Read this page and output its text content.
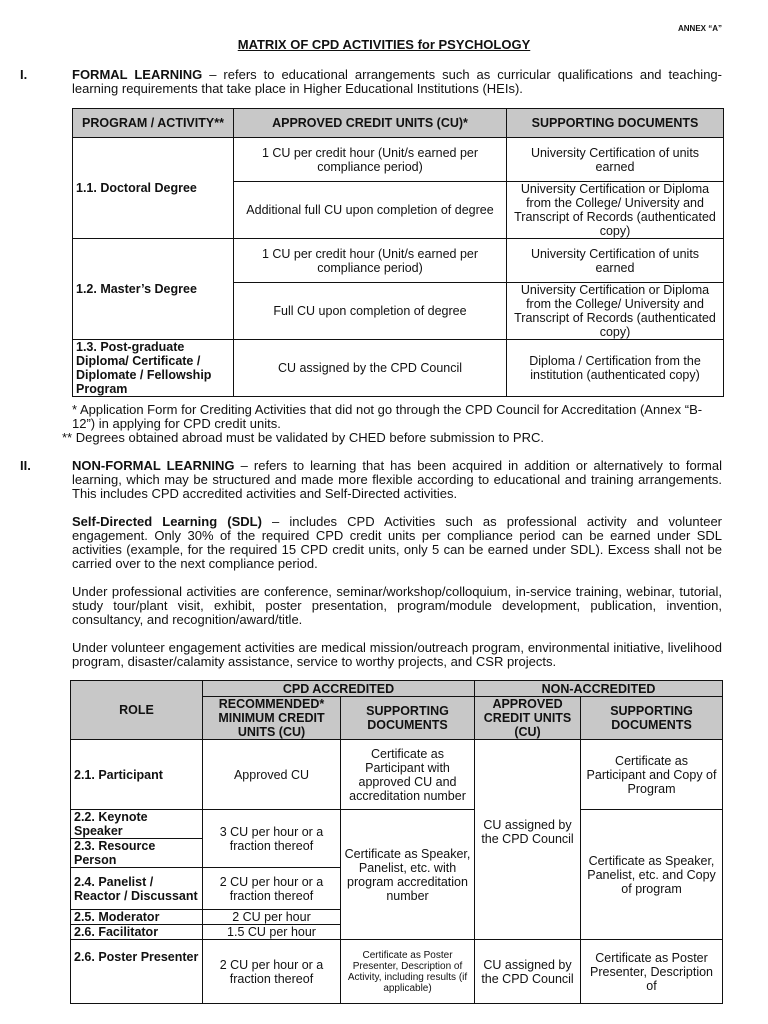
ANNEX “A”
MATRIX OF CPD ACTIVITIES for PSYCHOLOGY
I.	FORMAL LEARNING – refers to educational arrangements such as curricular qualifications and teaching-learning requirements that take place in Higher Educational Institutions (HEIs).
PROGRAM / ACTIVITY**	APPROVED CREDIT UNITS (CU)*	SUPPORTING DOCUMENTS
1.1. Doctoral Degree	1 CU per credit hour (Unit/s earned per compliance period)	University Certification of units earned
	Additional full CU upon completion of degree	University Certification or Diploma from the College/ University and Transcript of Records (authenticated copy)
1.2. Master’s Degree	1 CU per credit hour (Unit/s earned per compliance period)	University Certification of units earned
	Full CU upon completion of degree	University Certification or Diploma from the College/ University and Transcript of Records (authenticated copy)
1.3. Post-graduate Diploma/ Certificate / Diplomate / Fellowship Program	CU assigned by the CPD Council	Diploma / Certification from the institution (authenticated copy)
* Application Form for Crediting Activities that did not go through the CPD Council for Accreditation (Annex “B-12”) in applying for CPD credit units.
** Degrees obtained abroad must be validated by CHED before submission to PRC.
II.	NON-FORMAL LEARNING – refers to learning that has been acquired in addition or alternatively to formal learning, which may be structured and made more flexible according to educational and training arrangements. This includes CPD accredited activities and Self-Directed activities.
Self-Directed Learning (SDL) – includes CPD Activities such as professional activity and volunteer engagement. Only 30% of the required CPD credit units per compliance period can be earned under SDL activities (example, for the required 15 CPD credit units, only 5 can be earned under SDL). Excess shall not be carried over to the next compliance period.
Under professional activities are conference, seminar/workshop/colloquium, in-service training, webinar, tutorial, study tour/plant visit, exhibit, poster presentation, program/module development, publication, invention, consultancy, and recognition/award/title.
Under volunteer engagement activities are medical mission/outreach program, environmental initiative, livelihood program, disaster/calamity assistance, service to worthy projects, and CSR projects.
ROLE	CPD ACCREDITED		NON-ACCREDITED	
	RECOMMENDED* MINIMUM CREDIT UNITS (CU)	SUPPORTING DOCUMENTS	APPROVED CREDIT UNITS (CU)	SUPPORTING DOCUMENTS
2.1. Participant	Approved CU	Certificate as Participant with approved CU and accreditation number	CU assigned by the CPD Council	Certificate as Participant and Copy of Program
2.2. Keynote Speaker	3 CU per hour or a fraction thereof	Certificate as Speaker, Panelist, etc. with program accreditation number		Certificate as Speaker, Panelist, etc. and Copy of program
2.3. Resource Person				
2.4. Panelist / Reactor / Discussant	2 CU per hour or a fraction thereof			
2.5. Moderator	2 CU per hour			
2.6. Facilitator	1.5 CU per hour			
2.6. Poster Presenter	2 CU per hour or a fraction thereof	Certificate as Poster Presenter, Description of Activity, including results (if applicable)	CU assigned by the CPD Council	Certificate as Poster Presenter, Description of
